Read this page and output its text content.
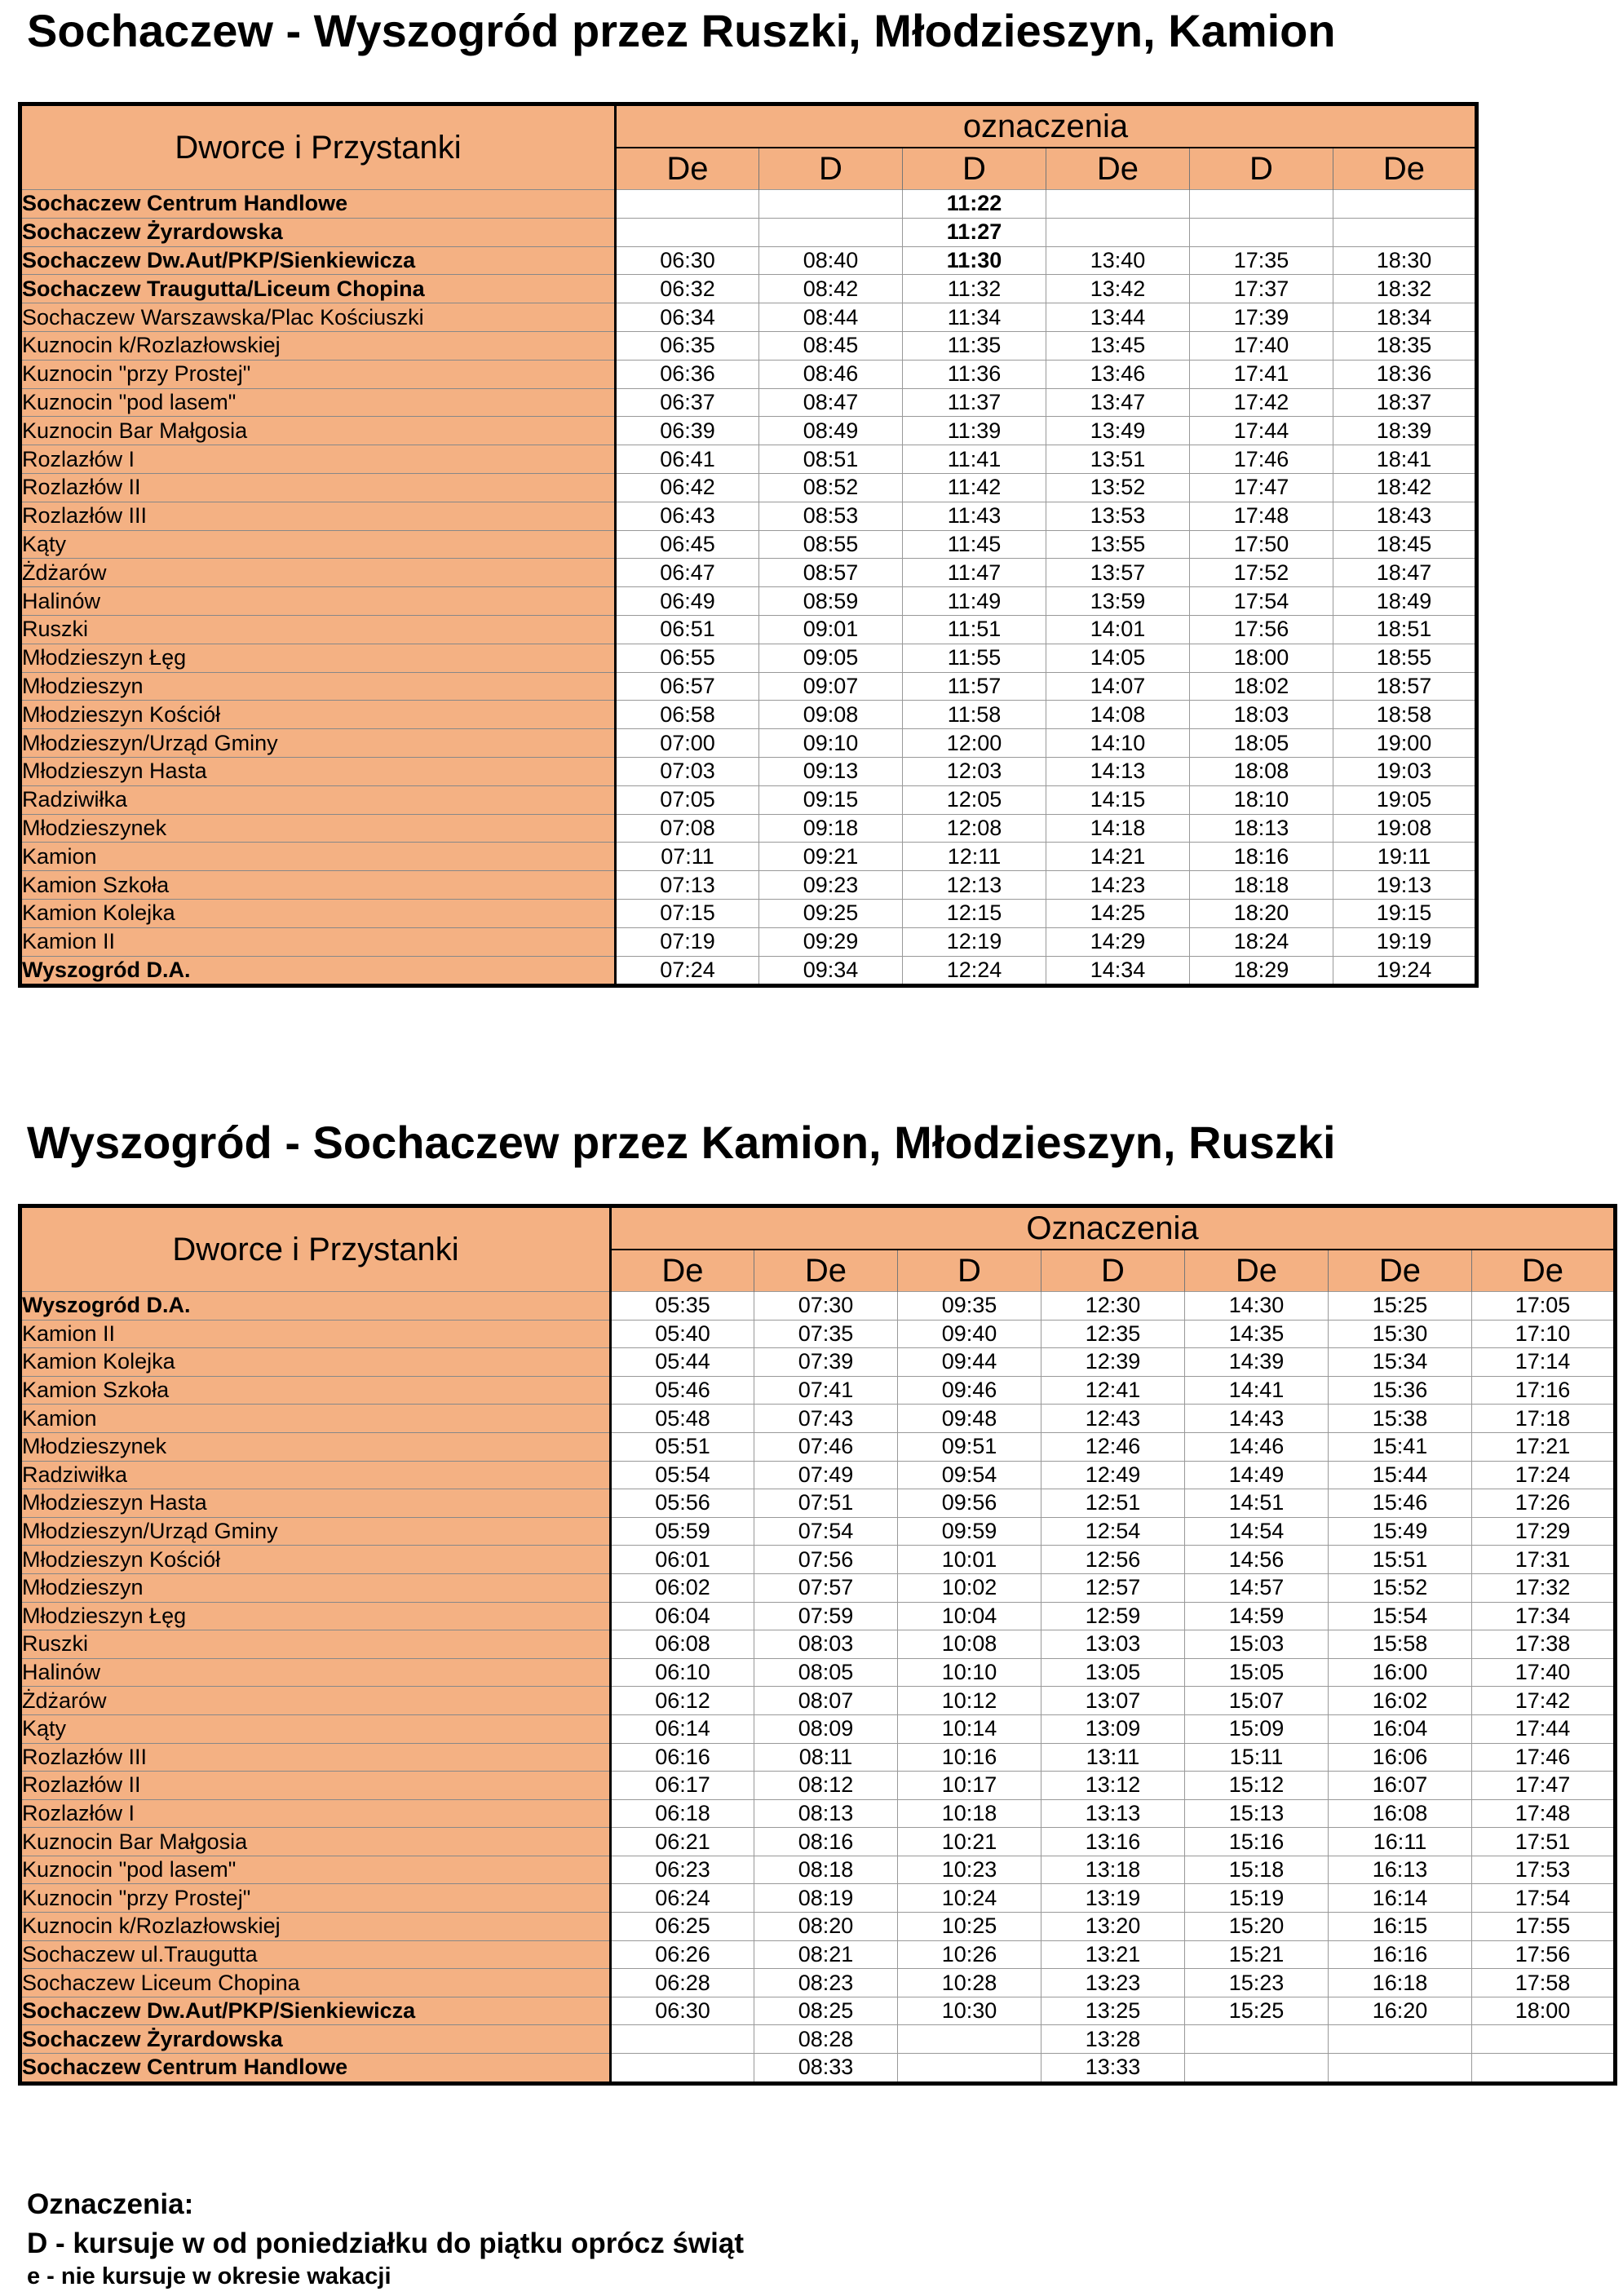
Sochaczew - Wyszogród przez Ruszki, Młodzieszyn, Kamion
Dworce i Przystanki	oznaczenia					
	De	D	D	De	D	De
Sochaczew Centrum Handlowe			11:22			
Sochaczew Żyrardowska			11:27			
Sochaczew Dw.Aut/PKP/Sienkiewicza	06:30	08:40	11:30	13:40	17:35	18:30
Sochaczew Traugutta/Liceum Chopina	06:32	08:42	11:32	13:42	17:37	18:32
Sochaczew Warszawska/Plac Kościuszki	06:34	08:44	11:34	13:44	17:39	18:34
Kuznocin k/Rozlazłowskiej	06:35	08:45	11:35	13:45	17:40	18:35
Kuznocin "przy Prostej"	06:36	08:46	11:36	13:46	17:41	18:36
Kuznocin "pod lasem"	06:37	08:47	11:37	13:47	17:42	18:37
Kuznocin Bar Małgosia	06:39	08:49	11:39	13:49	17:44	18:39
Rozlazłów I	06:41	08:51	11:41	13:51	17:46	18:41
Rozlazłów II	06:42	08:52	11:42	13:52	17:47	18:42
Rozlazłów III	06:43	08:53	11:43	13:53	17:48	18:43
Kąty	06:45	08:55	11:45	13:55	17:50	18:45
Żdżarów	06:47	08:57	11:47	13:57	17:52	18:47
Halinów	06:49	08:59	11:49	13:59	17:54	18:49
Ruszki	06:51	09:01	11:51	14:01	17:56	18:51
Młodzieszyn Łęg	06:55	09:05	11:55	14:05	18:00	18:55
Młodzieszyn	06:57	09:07	11:57	14:07	18:02	18:57
Młodzieszyn Kościół	06:58	09:08	11:58	14:08	18:03	18:58
Młodzieszyn/Urząd Gminy	07:00	09:10	12:00	14:10	18:05	19:00
Młodzieszyn Hasta	07:03	09:13	12:03	14:13	18:08	19:03
Radziwiłka	07:05	09:15	12:05	14:15	18:10	19:05
Młodzieszynek	07:08	09:18	12:08	14:18	18:13	19:08
Kamion	07:11	09:21	12:11	14:21	18:16	19:11
Kamion Szkoła	07:13	09:23	12:13	14:23	18:18	19:13
Kamion Kolejka	07:15	09:25	12:15	14:25	18:20	19:15
Kamion II	07:19	09:29	12:19	14:29	18:24	19:19
Wyszogród D.A.	07:24	09:34	12:24	14:34	18:29	19:24
Wyszogród - Sochaczew przez Kamion, Młodzieszyn, Ruszki
Dworce i Przystanki	Oznaczenia						
	De	De	D	D	De	De	De
Wyszogród D.A.	05:35	07:30	09:35	12:30	14:30	15:25	17:05
Kamion II	05:40	07:35	09:40	12:35	14:35	15:30	17:10
Kamion Kolejka	05:44	07:39	09:44	12:39	14:39	15:34	17:14
Kamion Szkoła	05:46	07:41	09:46	12:41	14:41	15:36	17:16
Kamion	05:48	07:43	09:48	12:43	14:43	15:38	17:18
Młodzieszynek	05:51	07:46	09:51	12:46	14:46	15:41	17:21
Radziwiłka	05:54	07:49	09:54	12:49	14:49	15:44	17:24
Młodzieszyn Hasta	05:56	07:51	09:56	12:51	14:51	15:46	17:26
Młodzieszyn/Urząd Gminy	05:59	07:54	09:59	12:54	14:54	15:49	17:29
Młodzieszyn Kościół	06:01	07:56	10:01	12:56	14:56	15:51	17:31
Młodzieszyn	06:02	07:57	10:02	12:57	14:57	15:52	17:32
Młodzieszyn Łęg	06:04	07:59	10:04	12:59	14:59	15:54	17:34
Ruszki	06:08	08:03	10:08	13:03	15:03	15:58	17:38
Halinów	06:10	08:05	10:10	13:05	15:05	16:00	17:40
Żdżarów	06:12	08:07	10:12	13:07	15:07	16:02	17:42
Kąty	06:14	08:09	10:14	13:09	15:09	16:04	17:44
Rozlazłów III	06:16	08:11	10:16	13:11	15:11	16:06	17:46
Rozlazłów II	06:17	08:12	10:17	13:12	15:12	16:07	17:47
Rozlazłów I	06:18	08:13	10:18	13:13	15:13	16:08	17:48
Kuznocin Bar Małgosia	06:21	08:16	10:21	13:16	15:16	16:11	17:51
Kuznocin "pod lasem"	06:23	08:18	10:23	13:18	15:18	16:13	17:53
Kuznocin "przy Prostej"	06:24	08:19	10:24	13:19	15:19	16:14	17:54
Kuznocin k/Rozlazłowskiej	06:25	08:20	10:25	13:20	15:20	16:15	17:55
Sochaczew ul.Traugutta	06:26	08:21	10:26	13:21	15:21	16:16	17:56
Sochaczew Liceum Chopina	06:28	08:23	10:28	13:23	15:23	16:18	17:58
Sochaczew Dw.Aut/PKP/Sienkiewicza	06:30	08:25	10:30	13:25	15:25	16:20	18:00
Sochaczew Żyrardowska		08:28		13:28			
Sochaczew Centrum Handlowe		08:33		13:33			

Oznaczenia:

D - kursuje w od poniedziałku do piątku oprócz świąt

e - nie kursuje w okresie wakacji
